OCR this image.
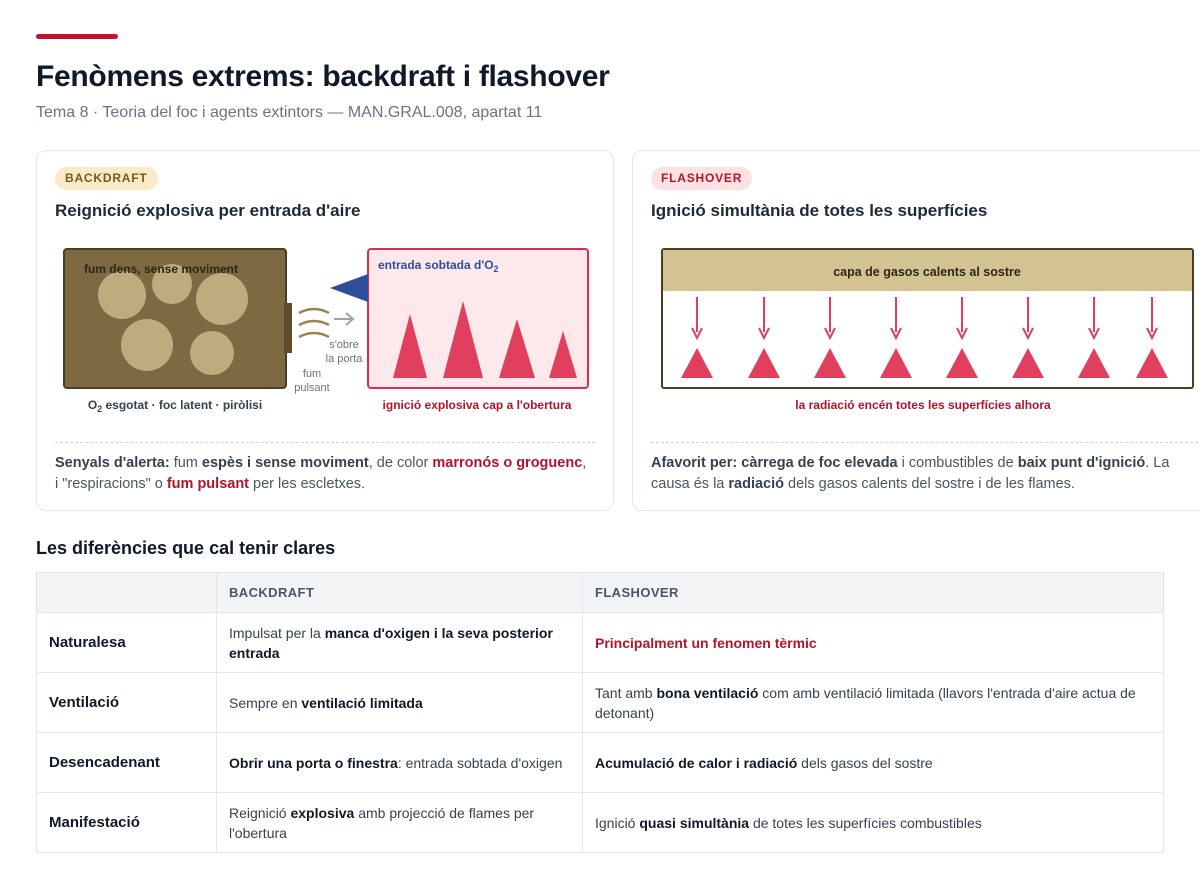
Fenòmens extrems: backdraft i flashover
Tema 8 · Teoria del foc i agents extintors — MAN.GRAL.008, apartat 11
BACKDRAFT
Reignició explosiva per entrada d'aire
fum dens, sense moviment
s'obre
la porta
fum
pulsant
entrada sobtada $d'O_2$
$O_2$ esgotat · foc latent · piròlisi	ignició explosiva cap a l'obertura

Senyals d'alerta: fum espès i sense moviment, de color marronós o groguenc, i "respiracions" o fum pulsant per les escletxes.

FLASHOVER
Ignició simultània de totes les superfícies
capa de gasos calents al sostre
la radiació encén totes les superfícies alhora

Afavorit per: càrrega de foc elevada i combustibles de baix punt d'ignició. La causa és la radiació dels gasos calents del sostre i de les flames.

Les diferències que cal tenir clares
	BACKDRAFT	FLASHOVER
Naturalesa	Impulsat per la manca d'oxigen i la seva posterior entrada	Principalment un fenomen tèrmic
Ventilació	Sempre en ventilació limitada	Tant amb bona ventilació com amb ventilació limitada (llavors l'entrada d'aire actua de detonant)
Desencadenant	Obrir una porta o finestra: entrada sobtada d'oxigen	Acumulació de calor i radiació dels gasos del sostre
Manifestació	Reignició explosiva amb projecció de flames per l'obertura	Ignició quasi simultània de totes les superfícies combustibles
